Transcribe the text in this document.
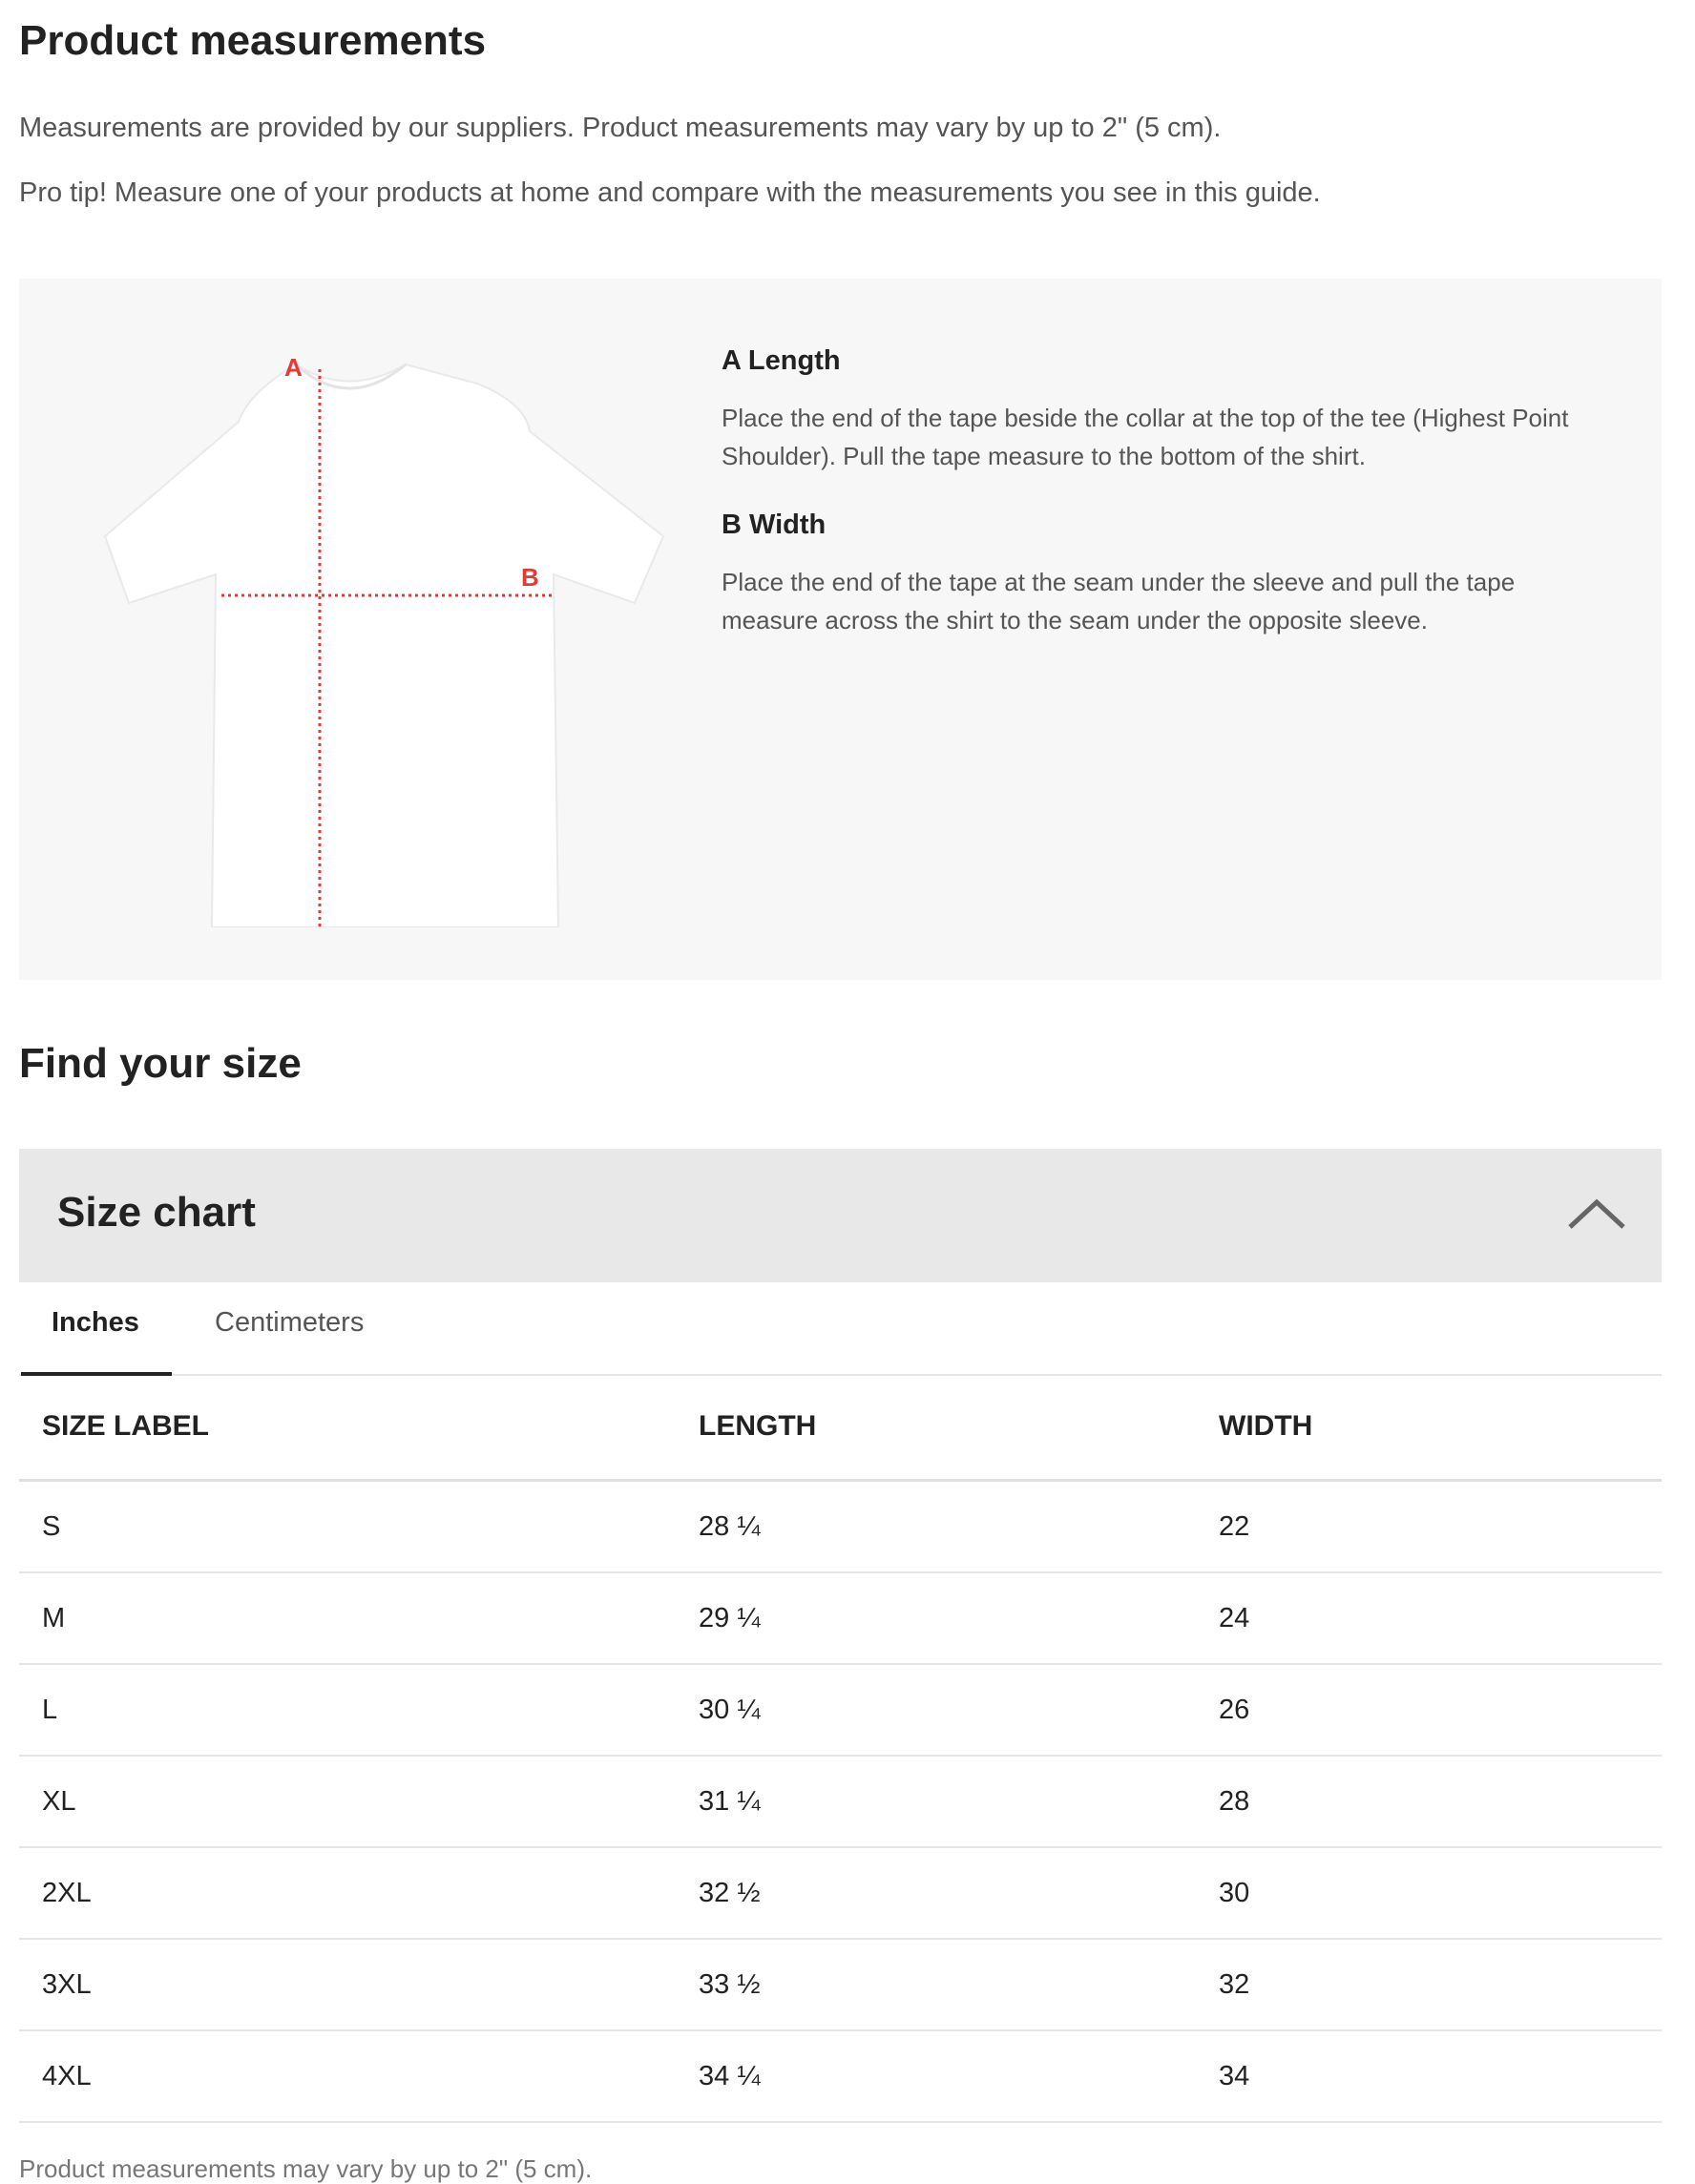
Product measurements

Measurements are provided by our suppliers. Product measurements may vary by up to 2" (5 cm).

Pro tip! Measure one of your products at home and compare with the measurements you see in this guide.

A
B
A Length

Place the end of the tape beside the collar at the top of the tee (Highest Point Shoulder). Pull the tape measure to the bottom of the shirt.

B Width

Place the end of the tape at the seam under the sleeve and pull the tape measure across the shirt to the seam under the opposite sleeve.

Find your size
Size chart
Inches	Centimeters
SIZE LABEL	LENGTH	WIDTH
S	28 ¼	22
M	29 ¼	24
L	30 ¼	26
XL	31 ¼	28
2XL	32 ½	30
3XL	33 ½	32
4XL	34 ¼	34
Product measurements may vary by up to 2" (5 cm).
